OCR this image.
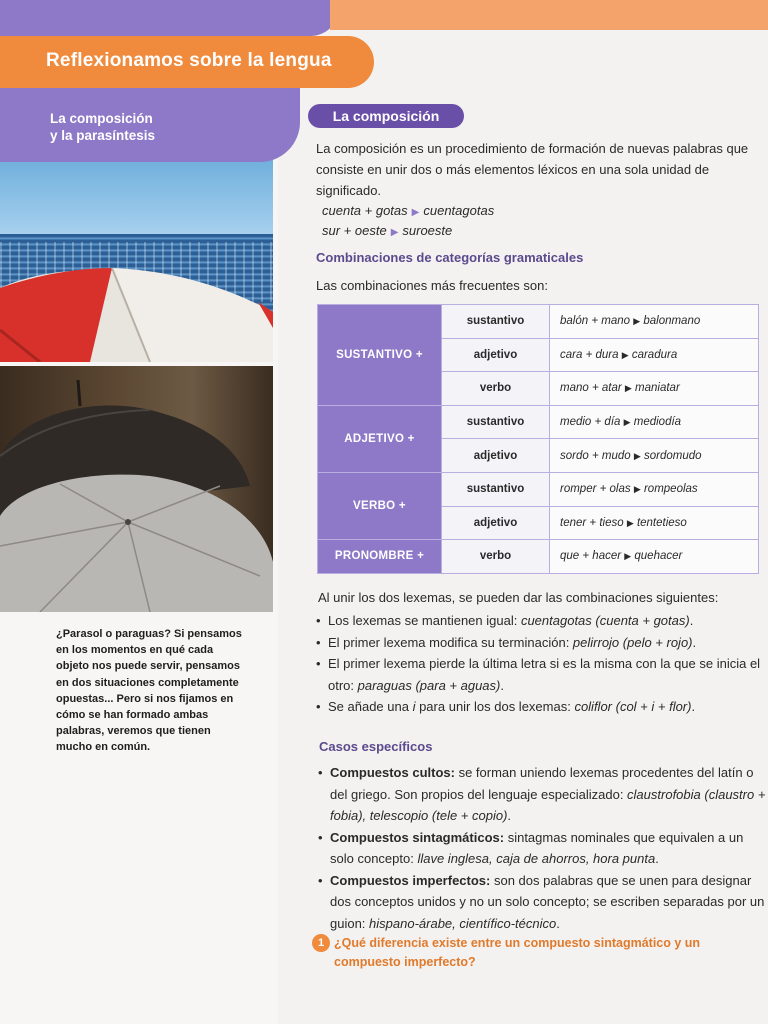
Reflexionamos sobre la lengua
La composición
y la parasíntesis

¿Parasol o paraguas? Si pensamos en los momentos en qué cada objeto nos puede servir, pensamos en dos situaciones completamente opuestas... Pero si nos fijamos en cómo se han formado ambas palabras, veremos que tienen mucho en común.

La composición

La composición es un procedimiento de formación de nuevas palabras que consiste en unir dos o más elementos léxicos en una sola unidad de significado.

cuenta + gotas ▶ cuentagotas
sur + oeste ▶ suroeste
Combinaciones de categorías gramaticales

Las combinaciones más frecuentes son:

SUSTANTIVO +	sustantivo	balón + mano ▶ balonmano
	adjetivo	cara + dura ▶ caradura
	verbo	mano + atar ▶ maniatar
ADJETIVO +	sustantivo	medio + día ▶ mediodía
	adjetivo	sordo + mudo ▶ sordomudo
VERBO +	sustantivo	romper + olas ▶ rompeolas
	adjetivo	tener + tieso ▶ tentetieso
PRONOMBRE +	verbo	que + hacer ▶ quehacer

Al unir los dos lexemas, se pueden dar las combinaciones siguientes:

• Los lexemas se mantienen igual: cuentagotas (cuenta + gotas).
• El primer lexema modifica su terminación: pelirrojo (pelo + rojo).
• El primer lexema pierde la última letra si es la misma con la que se inicia el otro: paraguas (para + aguas).
• Se añade una i para unir los dos lexemas: coliflor (col + i + flor).
Casos específicos
• Compuestos cultos: se forman uniendo lexemas procedentes del latín o del griego. Son propios del lenguaje especializado: claustrofobia (claustro + fobia), telescopio (tele + copio).
• Compuestos sintagmáticos: sintagmas nominales que equivalen a un solo concepto: llave inglesa, caja de ahorros, hora punta.
• Compuestos imperfectos: son dos palabras que se unen para designar dos conceptos unidos y no un solo concepto; se escriben separadas por un guion: hispano-árabe, científico-técnico.
1 ¿Qué diferencia existe entre un compuesto sintagmático y un compuesto imperfecto?
